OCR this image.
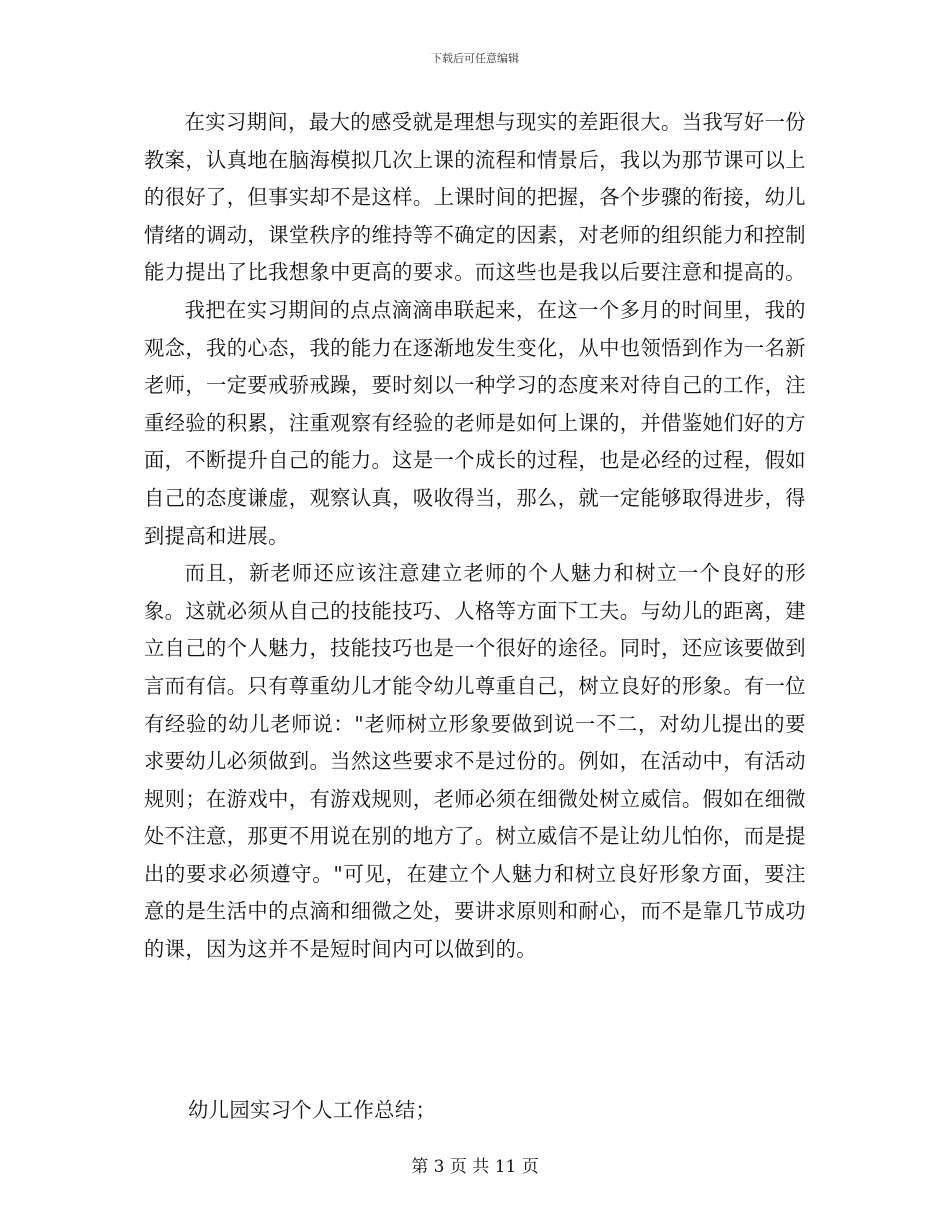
下载后可任意编辑

在实习期间，最大的感受就是理想与现实的差距很大。当我写好一份教案，认真地在脑海模拟几次上课的流程和情景后，我以为那节课可以上的很好了，但事实却不是这样。上课时间的把握，各个步骤的衔接，幼儿情绪的调动，课堂秩序的维持等不确定的因素，对老师的组织能力和控制能力提出了比我想象中更高的要求。而这些也是我以后要注意和提高的。

我把在实习期间的点点滴滴串联起来，在这一个多月的时间里，我的观念，我的心态，我的能力在逐渐地发生变化，从中也领悟到作为一名新老师，一定要戒骄戒躁，要时刻以一种学习的态度来对待自己的工作，注重经验的积累，注重观察有经验的老师是如何上课的，并借鉴她们好的方面，不断提升自己的能力。这是一个成长的过程，也是必经的过程，假如自己的态度谦虚，观察认真，吸收得当，那么，就一定能够取得进步，得到提高和进展。

而且，新老师还应该注意建立老师的个人魅力和树立一个良好的形象。这就必须从自己的技能技巧、人格等方面下工夫。与幼儿的距离，建立自己的个人魅力，技能技巧也是一个很好的途径。同时，还应该要做到言而有信。只有尊重幼儿才能令幼儿尊重自己，树立良好的形象。有一位有经验的幼儿老师说："老师树立形象要做到说一不二，对幼儿提出的要求要幼儿必须做到。当然这些要求不是过份的。例如，在活动中，有活动规则；在游戏中，有游戏规则，老师必须在细微处树立威信。假如在细微处不注意，那更不用说在别的地方了。树立威信不是让幼儿怕你，而是提出的要求必须遵守。"可见，在建立个人魅力和树立良好形象方面，要注意的是生活中的点滴和细微之处，要讲求原则和耐心，而不是靠几节成功的课，因为这并不是短时间内可以做到的。

幼儿园实习个人工作总结；

第 3 页 共 11 页
